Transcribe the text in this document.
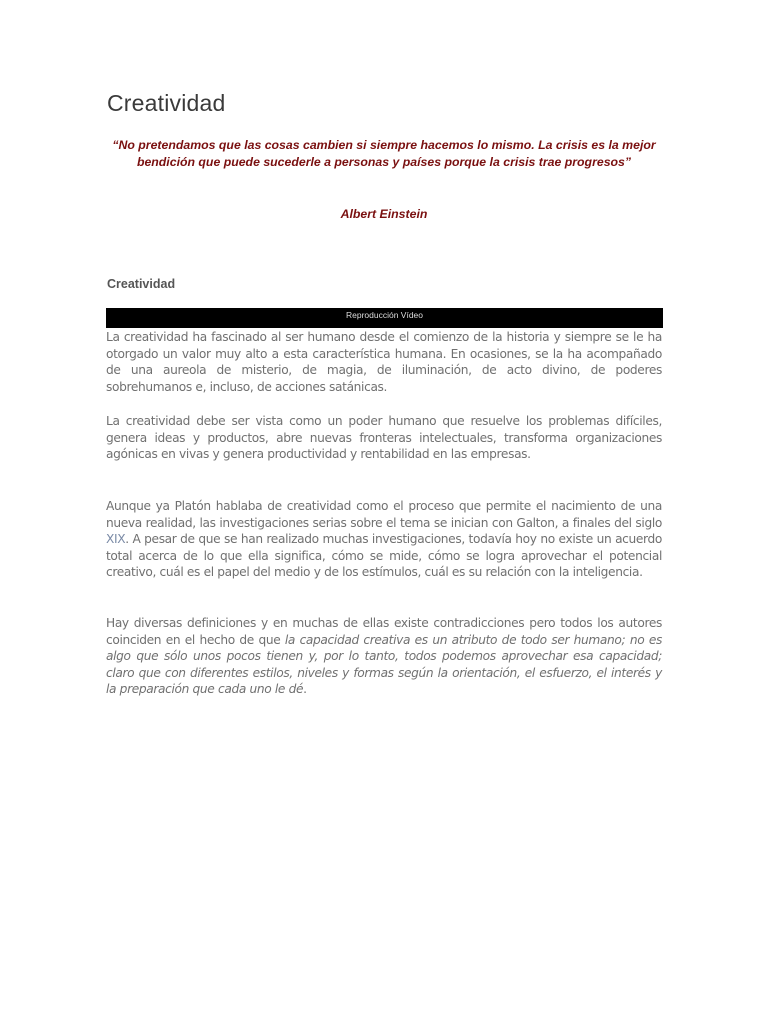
Creatividad

“No pretendamos que las cosas cambien si siempre hacemos lo mismo. La crisis es la mejor bendición que puede sucederle a personas y países porque la crisis trae progresos”

Albert Einstein

Creatividad
Reproducción Vídeo

La creatividad ha fascinado al ser humano desde el comienzo de la historia y siempre se le ha otorgado un valor muy alto a esta característica humana. En ocasiones, se la ha acompañado de una aureola de misterio, de magia, de iluminación, de acto divino, de poderes sobrehumanos e, incluso, de acciones satánicas.

La creatividad debe ser vista como un poder humano que resuelve los problemas difíciles, genera ideas y productos, abre nuevas fronteras intelectuales, transforma organizaciones agónicas en vivas y genera productividad y rentabilidad en las empresas.

Aunque ya Platón hablaba de creatividad como el proceso que permite el nacimiento de una nueva realidad, las investigaciones serias sobre el tema se inician con Galton, a finales del siglo XIX. A pesar de que se han realizado muchas investigaciones, todavía hoy no existe un acuerdo total acerca de lo que ella significa, cómo se mide, cómo se logra aprovechar el potencial creativo, cuál es el papel del medio y de los estímulos, cuál es su relación con la inteligencia.

Hay diversas definiciones y en muchas de ellas existe contradicciones pero todos los autores coinciden en el hecho de que la capacidad creativa es un atributo de todo ser humano; no es algo que sólo unos pocos tienen y, por lo tanto, todos podemos aprovechar esa capacidad; claro que con diferentes estilos, niveles y formas según la orientación, el esfuerzo, el interés y la preparación que cada uno le dé.
